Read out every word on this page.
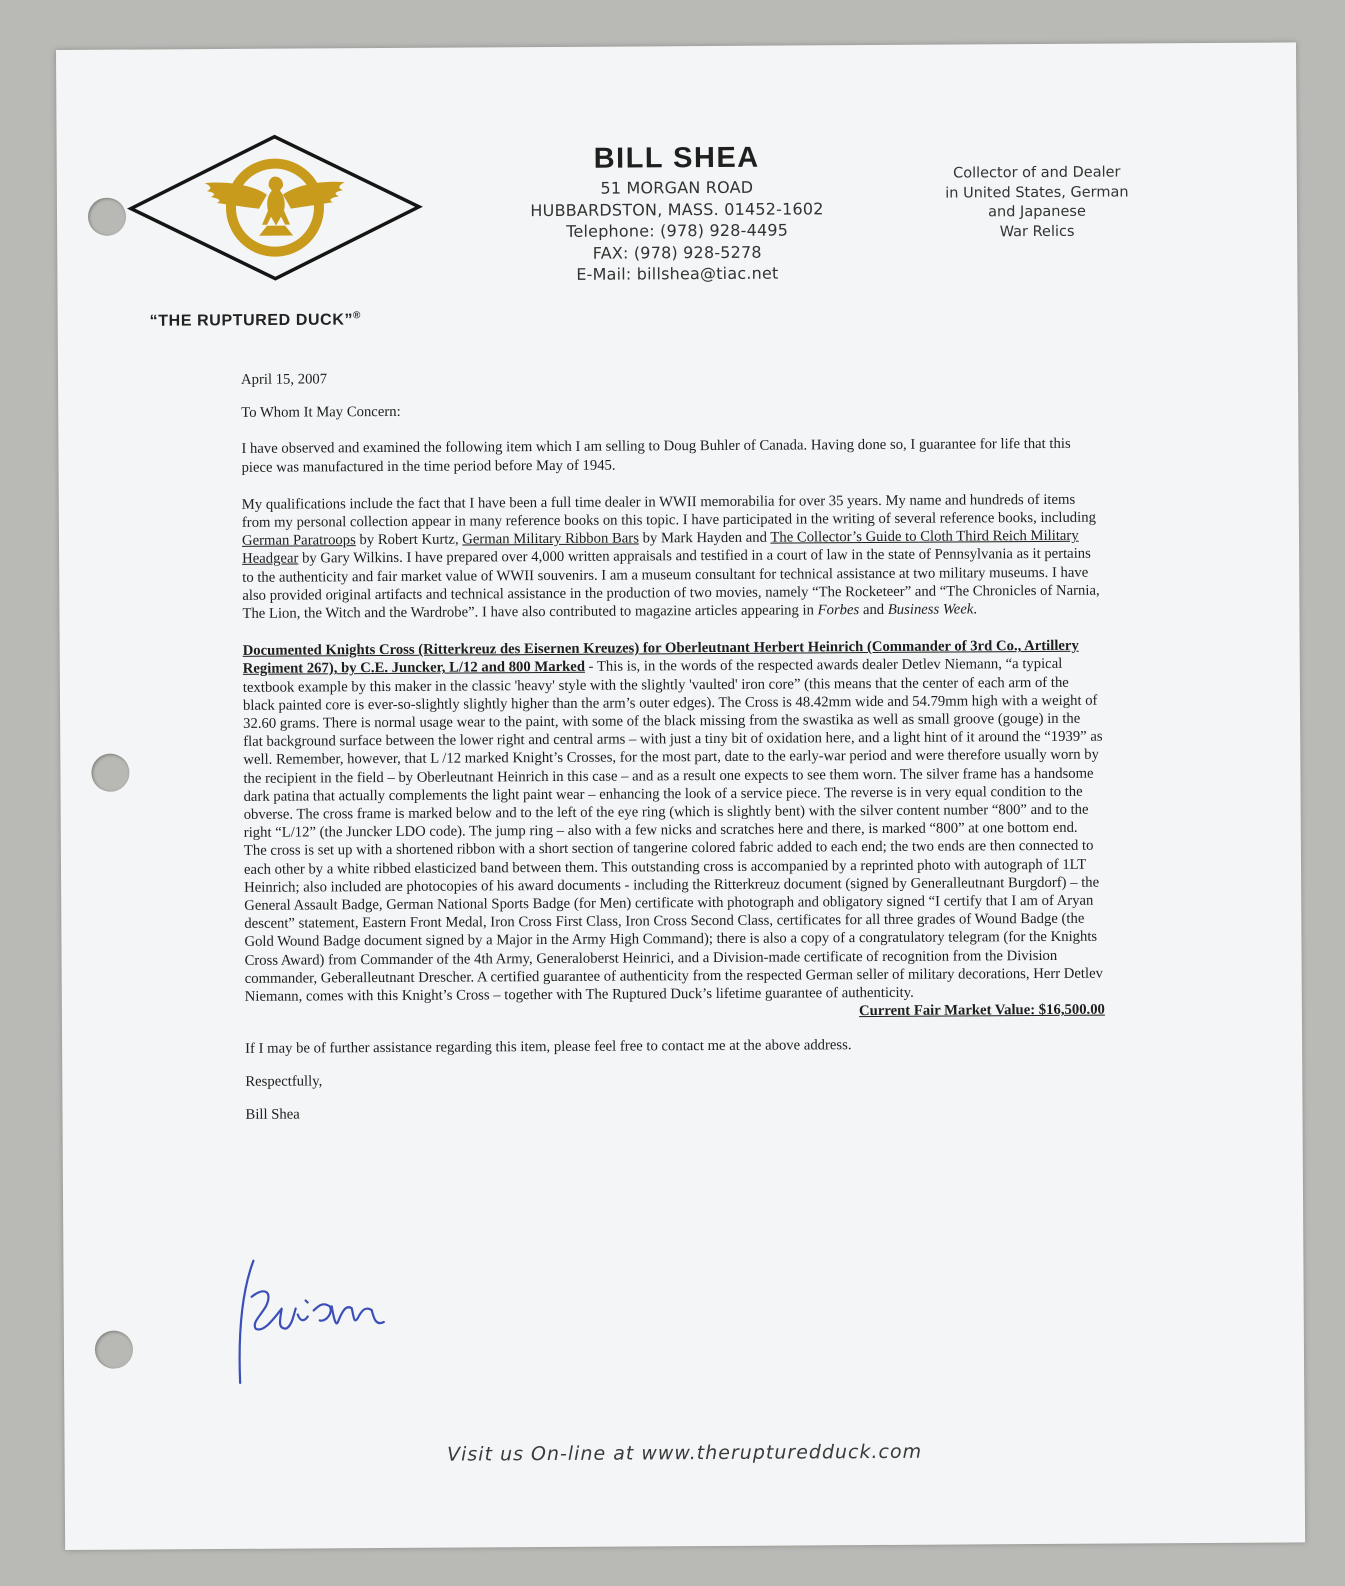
“THE RUPTURED DUCK”®
BILL SHEA
51 MORGAN ROAD
HUBBARDSTON, MASS. 01452-1602
Telephone: (978) 928-4495
FAX: (978) 928-5278
E-Mail: billshea@tiac.net
Collector of and Dealer
in United States, German
and Japanese
War Relics

April 15, 2007

To Whom It May Concern:

I have observed and examined the following item which I am selling to Doug Buhler of Canada. Having done so, I guarantee for life that this piece was manufactured in the time period before May of 1945.

My qualifications include the fact that I have been a full time dealer in WWII memorabilia for over 35 years. My name and hundreds of items from my personal collection appear in many reference books on this topic. I have participated in the writing of several reference books, including German Paratroops by Robert Kurtz, German Military Ribbon Bars by Mark Hayden and The Collector’s Guide to Cloth Third Reich Military Headgear by Gary Wilkins. I have prepared over 4,000 written appraisals and testified in a court of law in the state of Pennsylvania as it pertains to the authenticity and fair market value of WWII souvenirs. I am a museum consultant for technical assistance at two military museums. I have also provided original artifacts and technical assistance in the production of two movies, namely “The Rocketeer” and “The Chronicles of Narnia, The Lion, the Witch and the Wardrobe”. I have also contributed to magazine articles appearing in Forbes and Business Week.

Documented Knights Cross (Ritterkreuz des Eisernen Kreuzes) for Oberleutnant Herbert Heinrich (Commander of 3rd Co., Artillery Regiment 267), by C.E. Juncker, L/12 and 800 Marked - This is, in the words of the respected awards dealer Detlev Niemann, “a typical textbook example by this maker in the classic 'heavy' style with the slightly 'vaulted' iron core” (this means that the center of each arm of the black painted core is ever-so-slightly slightly higher than the arm’s outer edges). The Cross is 48.42mm wide and 54.79mm high with a weight of 32.60 grams. There is normal usage wear to the paint, with some of the black missing from the swastika as well as small groove (gouge) in the flat background surface between the lower right and central arms – with just a tiny bit of oxidation here, and a light hint of it around the “1939” as well. Remember, however, that L /12 marked Knight’s Crosses, for the most part, date to the early-war period and were therefore usually worn by the recipient in the field – by Oberleutnant Heinrich in this case – and as a result one expects to see them worn. The silver frame has a handsome dark patina that actually complements the light paint wear – enhancing the look of a service piece. The reverse is in very equal condition to the obverse. The cross frame is marked below and to the left of the eye ring (which is slightly bent) with the silver content number “800” and to the right “L/12” (the Juncker LDO code). The jump ring – also with a few nicks and scratches here and there, is marked “800” at one bottom end. The cross is set up with a shortened ribbon with a short section of tangerine colored fabric added to each end; the two ends are then connected to each other by a white ribbed elasticized band between them. This outstanding cross is accompanied by a reprinted photo with autograph of 1LT Heinrich; also included are photocopies of his award documents - including the Ritterkreuz document (signed by Generalleutnant Burgdorf) – the General Assault Badge, German National Sports Badge (for Men) certificate with photograph and obligatory signed “I certify that I am of Aryan descent” statement, Eastern Front Medal, Iron Cross First Class, Iron Cross Second Class, certificates for all three grades of Wound Badge (the Gold Wound Badge document signed by a Major in the Army High Command); there is also a copy of a congratulatory telegram (for the Knights Cross Award) from Commander of the 4th Army, Generaloberst Heinrici, and a Division-made certificate of recognition from the Division commander, Geberalleutnant Drescher. A certified guarantee of authenticity from the respected German seller of military decorations, Herr Detlev Niemann, comes with this Knight’s Cross – together with The Ruptured Duck’s lifetime guarantee of authenticity.

Current Fair Market Value: $16,500.00

If I may be of further assistance regarding this item, please feel free to contact me at the above address.

Respectfully,

Bill Shea

Visit us On-line at www.therupturedduck.com
